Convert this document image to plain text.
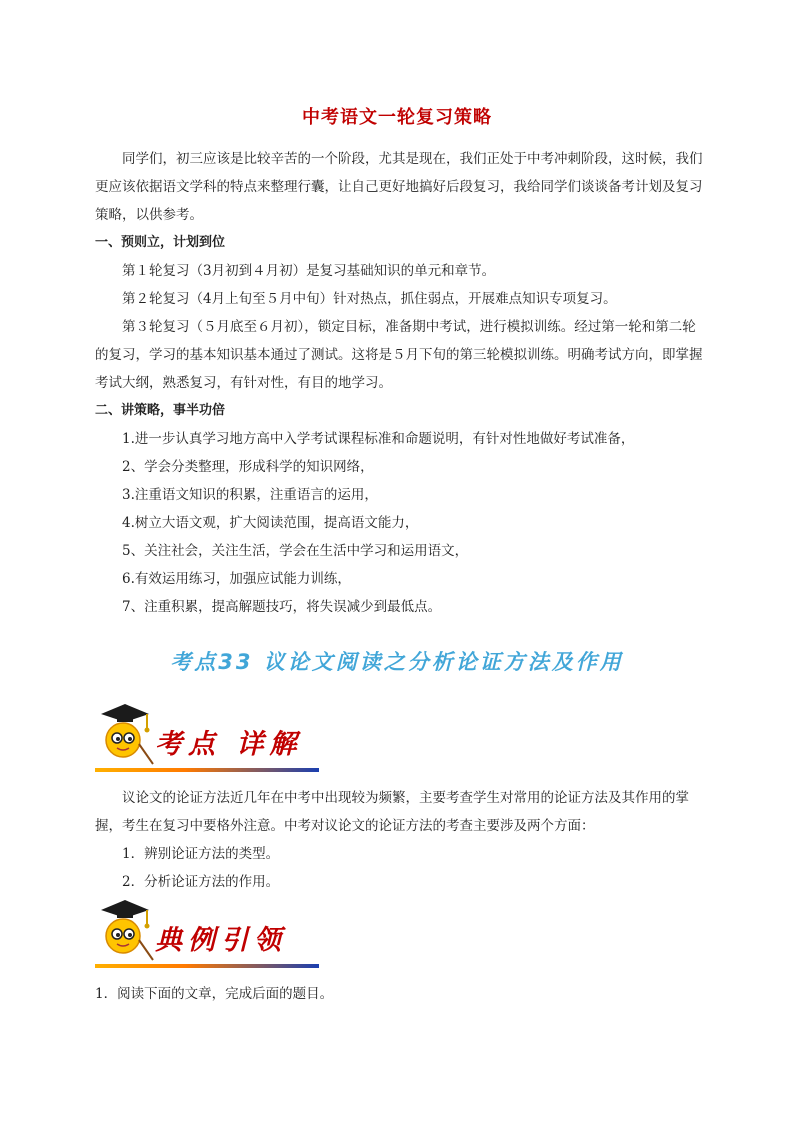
中考语文一轮复习策略

同学们，初三应该是比较辛苦的一个阶段，尤其是现在，我们正处于中考冲刺阶段，这时候，我们更应该依据语文学科的特点来整理行囊，让自己更好地搞好后段复习，我给同学们谈谈备考计划及复习策略，以供参考。

一、预则立，计划到位

第１轮复习（3月初到４月初）是复习基础知识的单元和章节。

第２轮复习（4月上旬至５月中旬）针对热点，抓住弱点，开展难点知识专项复习。

第３轮复习（５月底至６月初），锁定目标，准备期中考试，进行模拟训练。经过第一轮和第二轮的复习，学习的基本知识基本通过了测试。这将是５月下旬的第三轮模拟训练。明确考试方向，即掌握考试大纲，熟悉复习，有针对性，有目的地学习。

二、讲策略，事半功倍

1.进一步认真学习地方高中入学考试课程标准和命题说明，有针对性地做好考试准备，

2、学会分类整理，形成科学的知识网络，

3.注重语文知识的积累，注重语言的运用，

4.树立大语文观，扩大阅读范围，提高语文能力，

5、关注社会，关注生活，学会在生活中学习和运用语文，

6.有效运用练习，加强应试能力训练，

7、注重积累，提高解题技巧，将失误减少到最低点。

考点33 议论文阅读之分析论证方法及作用
考点 详解

议论文的论证方法近几年在中考中出现较为频繁，主要考查学生对常用的论证方法及其作用的掌握，考生在复习中要格外注意。中考对议论文的论证方法的考查主要涉及两个方面：

1．辨别论证方法的类型。

2．分析论证方法的作用。

典例引领

1．阅读下面的文章，完成后面的题目。
